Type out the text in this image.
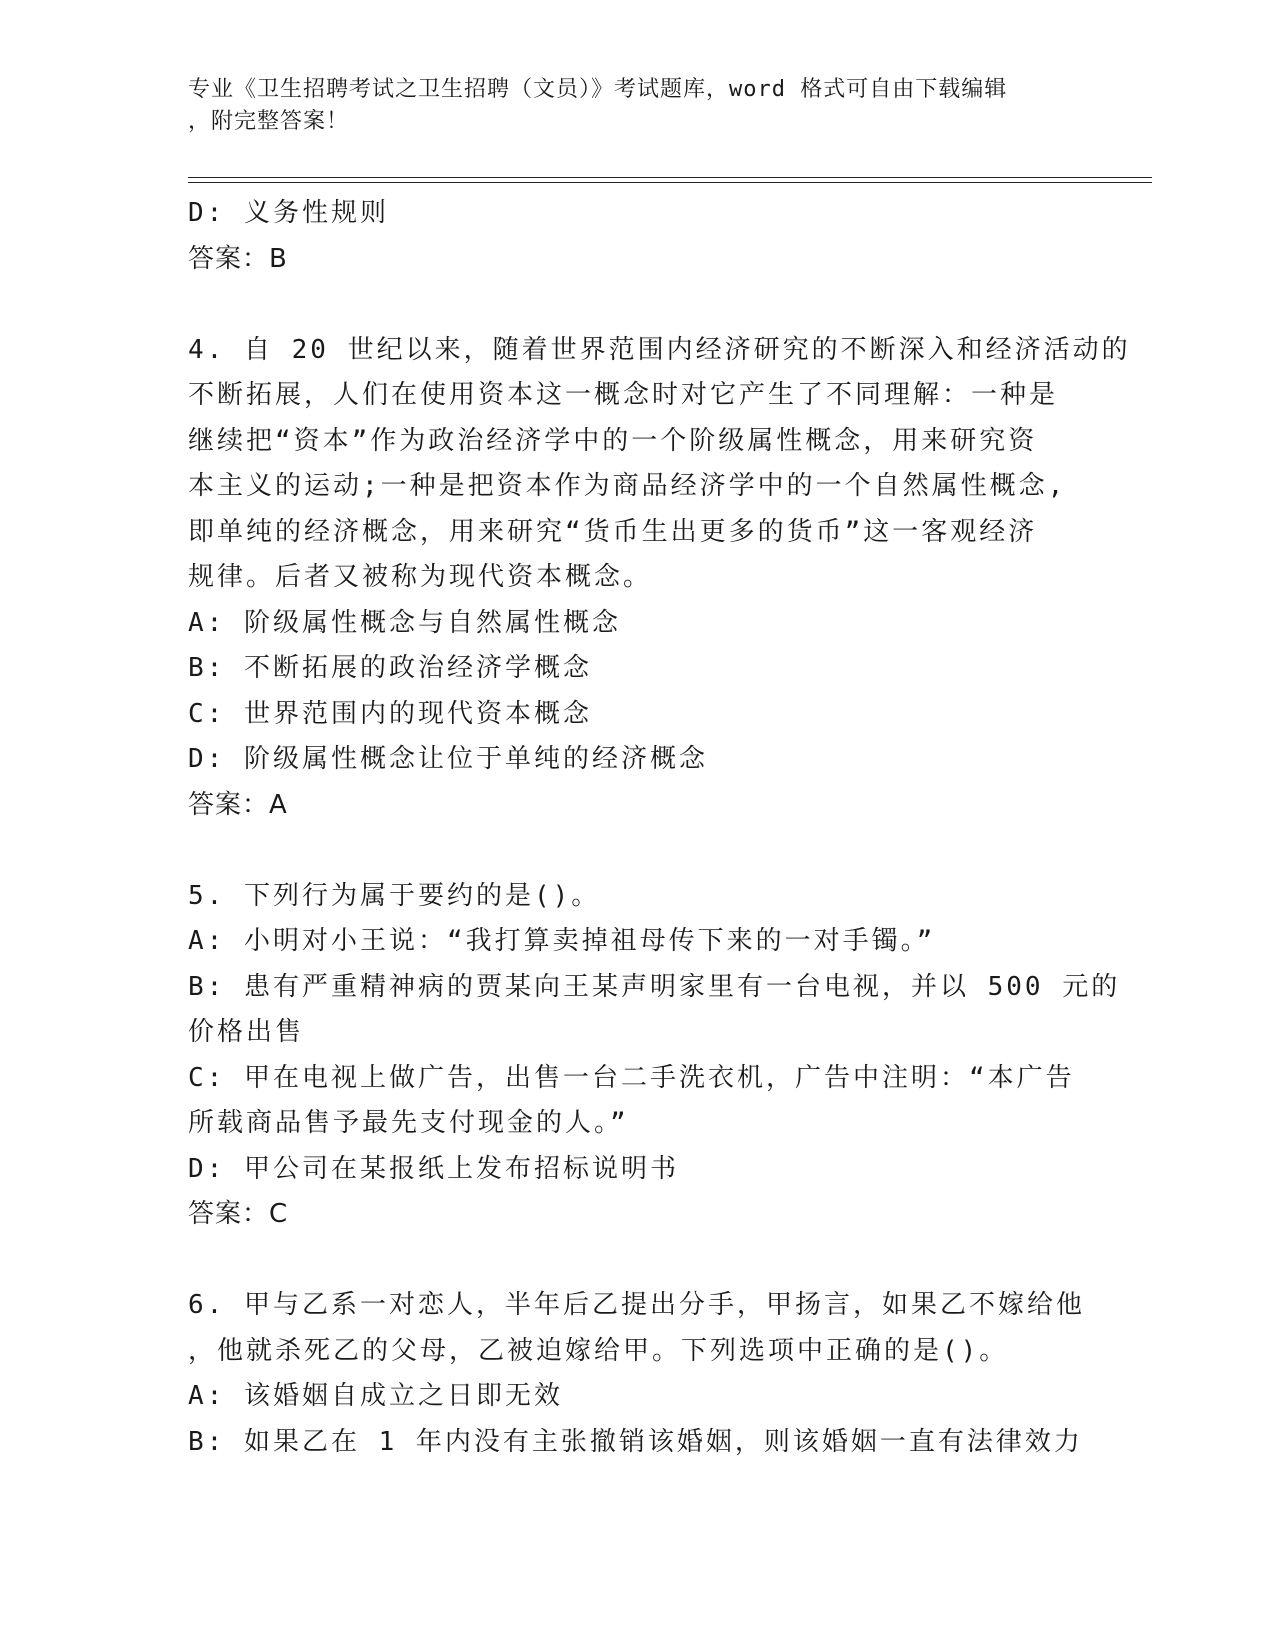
专业《卫生招聘考试之卫生招聘（文员）》考试题库，word 格式可自由下载编辑
，附完整答案！
D: 义务性规则
答案：B
4. 自 20 世纪以来，随着世界范围内经济研究的不断深入和经济活动的
不断拓展，人们在使用资本这一概念时对它产生了不同理解：一种是
继续把“资本”作为政治经济学中的一个阶级属性概念，用来研究资
本主义的运动;一种是把资本作为商品经济学中的一个自然属性概念,
即单纯的经济概念，用来研究“货币生出更多的货币”这一客观经济
规律。后者又被称为现代资本概念。
A: 阶级属性概念与自然属性概念
B: 不断拓展的政治经济学概念
C: 世界范围内的现代资本概念
D: 阶级属性概念让位于单纯的经济概念
答案：A
5. 下列行为属于要约的是()。
A: 小明对小王说：“我打算卖掉祖母传下来的一对手镯。”
B: 患有严重精神病的贾某向王某声明家里有一台电视，并以 500 元的
价格出售
C: 甲在电视上做广告，出售一台二手洗衣机，广告中注明：“本广告
所载商品售予最先支付现金的人。”
D: 甲公司在某报纸上发布招标说明书
答案：C
6. 甲与乙系一对恋人，半年后乙提出分手，甲扬言，如果乙不嫁给他
，他就杀死乙的父母，乙被迫嫁给甲。下列选项中正确的是()。
A: 该婚姻自成立之日即无效
B: 如果乙在 1 年内没有主张撤销该婚姻，则该婚姻一直有法律效力
